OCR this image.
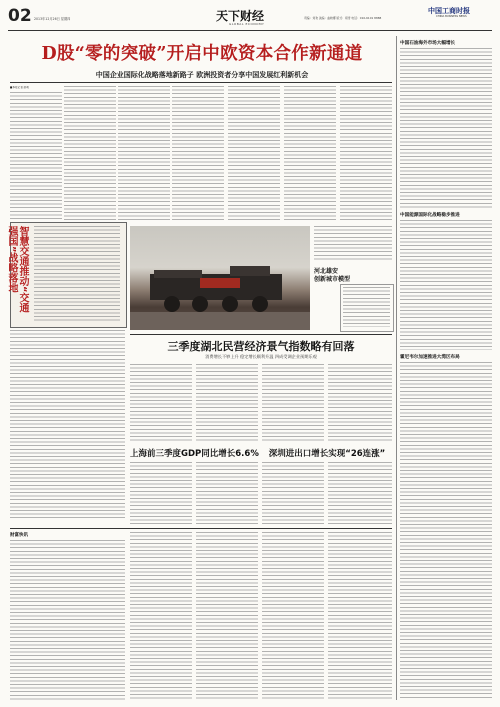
02 2013年12月26日 星期四	天下财经
GLOBAL ECONOMY
责编：刘欢 美编：曲晓娜 版式：胡雪 电话：010-6101 8888
中国工商时报
CHINA BUSINESS NEWS
D股“零的突破”开启中欧资本合作新通道
中国企业国际化战略落地新路子 欧洲投资者分享中国发展红利新机会
■本报记者 赵萌
智慧交通推动“交通强国”战略落地	河北雄安
创新城市模型
三季度湖北民营经济景气指数略有回落
消费增长不够上升 稳定增长顺利升温 四成受调企业预期乐观
上海前三季度GDP同比增长6.6%	深圳进出口增长实现“26连涨”
财富快讯
中国石油海外市场大幅增长
中国能源国际化战略稳步推进
霍尼韦尔加速推进大湾区布局
